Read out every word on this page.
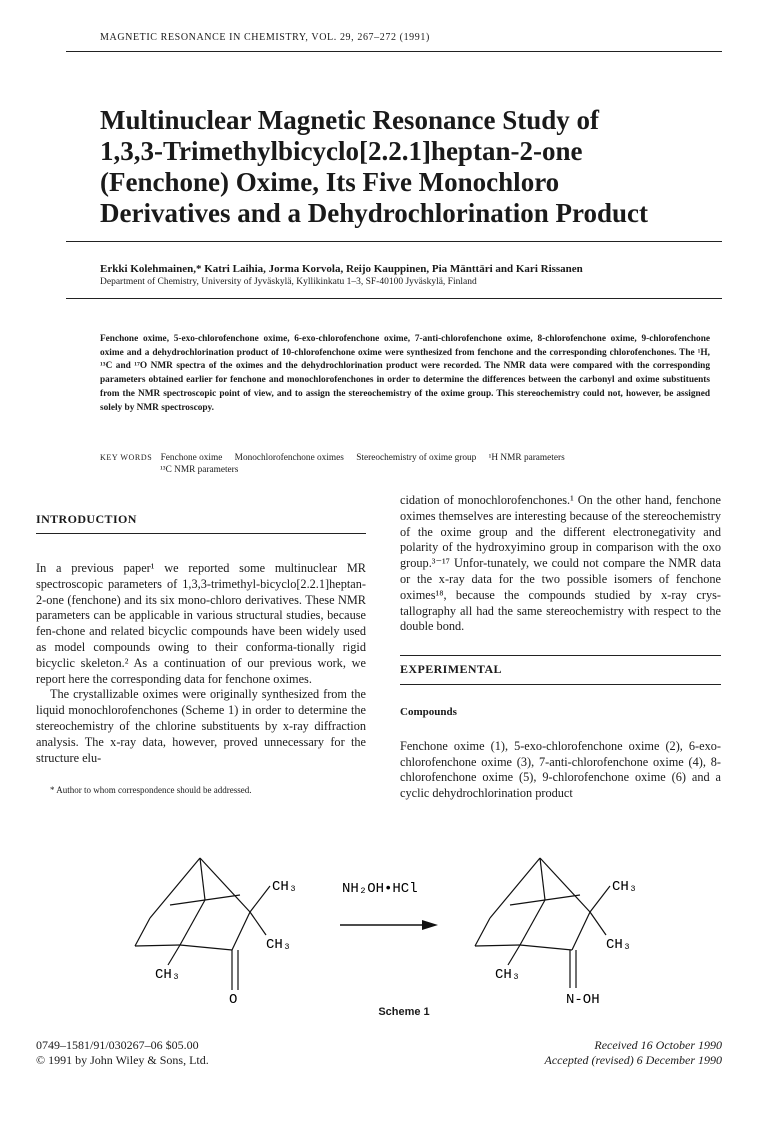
MAGNETIC RESONANCE IN CHEMISTRY, VOL. 29, 267–272 (1991)
Multinuclear Magnetic Resonance Study of
1,3,3-Trimethylbicyclo[2.2.1]heptan-2-one
(Fenchone) Oxime, Its Five Monochloro
Derivatives and a Dehydrochlorination Product
Erkki Kolehmainen,* Katri Laihia, Jorma Korvola, Reijo Kauppinen, Pia Mänttäri and Kari Rissanen
Department of Chemistry, University of Jyväskylä, Kyllikinkatu 1–3, SF-40100 Jyväskylä, Finland
Fenchone oxime, 5-exo-chlorofenchone oxime, 6-exo-chlorofenchone oxime, 7-anti-chlorofenchone oxime, 8-chlorofenchone oxime, 9-chlorofenchone oxime and a dehydrochlorination product of 10-chlorofenchone oxime were synthesized from fenchone and the corresponding chlorofenchones. The ¹H, ¹³C and ¹⁷O NMR spectra of the oximes and the dehydrochlorination product were recorded. The NMR data were compared with the corresponding parameters obtained earlier for fenchone and monochlorofenchones in order to determine the differences between the carbonyl and oxime substituents from the NMR spectroscopic point of view, and to assign the stereochemistry of the oxime group. This stereochemistry could not, however, be assigned solely by NMR spectroscopy.
KEY WORDS Fenchone oxime Monochlorofenchone oximes Stereochemistry of oxime group ¹H NMR parameters
¹³C NMR parameters
INTRODUCTION
In a previous paper¹ we reported some multinuclear MR spectroscopic parameters of 1,3,3-trimethyl-bicyclo[2.2.1]heptan-2-one (fenchone) and its six mono-chloro derivatives. These NMR parameters can be applicable in various structural studies, because fen-chone and related bicyclic compounds have been widely used as model compounds owing to their conforma-tionally rigid bicyclic skeleton.² As a continuation of our previous work, we report here the corresponding data for fenchone oximes.
The crystallizable oximes were originally synthesized from the liquid monochlorofenchones (Scheme 1) in order to determine the stereochemistry of the chlorine substituents by x-ray diffraction analysis. The x-ray data, however, proved unnecessary for the structure elu-
* Author to whom correspondence should be addressed.
cidation of monochlorofenchones.¹ On the other hand, fenchone oximes themselves are interesting because of the stereochemistry of the oxime group and the different electronegativity and polarity of the hydroxyimino group in comparison with the oxo group.³⁻¹⁷ Unfor-tunately, we could not compare the NMR data or the x-ray data for the two possible isomers of fenchone oximes¹⁸, because the compounds studied by x-ray crys-tallography all had the same stereochemistry with respect to the double bond.
EXPERIMENTAL
Compounds
Fenchone oxime (1), 5-exo-chlorofenchone oxime (2), 6-exo-chlorofenchone oxime (3), 7-anti-chlorofenchone oxime (4), 8-chlorofenchone oxime (5), 9-chlorofenchone oxime (6) and a cyclic dehydrochlorination product
CH₃
CH₃
CH₃
O
NH₂OH•HCl	CH₃
CH₃
CH₃
N-OH
Scheme 1
0749–1581/91/030267–06 $05.00
© 1991 by John Wiley & Sons, Ltd.
Received 16 October 1990
Accepted (revised) 6 December 1990
